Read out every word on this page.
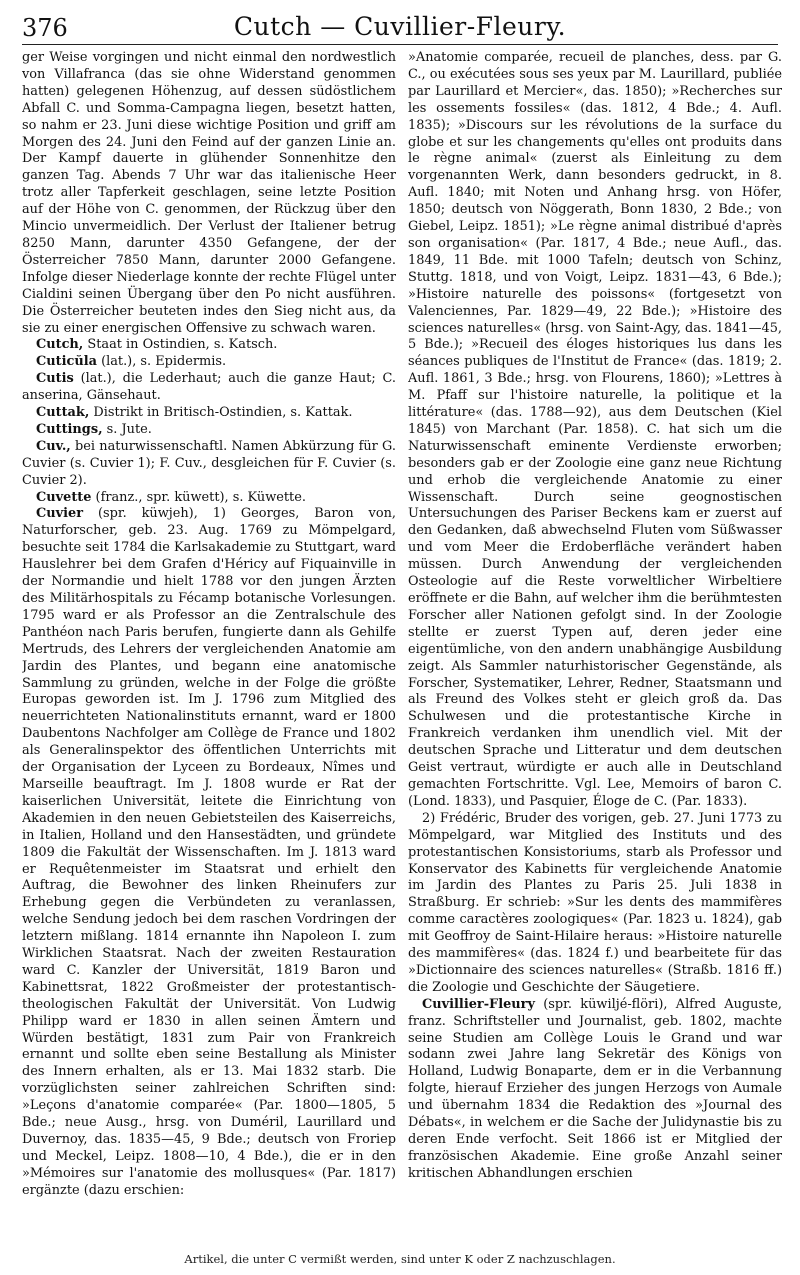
376	Cutch — Cuvillier-Fleury.

ger Weise vorgingen und nicht einmal den nordwestlich von Villafranca (das sie ohne Widerstand genommen hatten) gelegenen Höhenzug, auf dessen südöstlichem Abfall C. und Somma-Campagna liegen, besetzt hatten, so nahm er 23. Juni diese wichtige Position und griff am Morgen des 24. Juni den Feind auf der ganzen Linie an. Der Kampf dauerte in glühender Sonnenhitze den ganzen Tag. Abends 7 Uhr war das italienische Heer trotz aller Tapferkeit geschlagen, seine letzte Position auf der Höhe von C. genommen, der Rückzug über den Mincio unvermeidlich. Der Verlust der Italiener betrug 8250 Mann, darunter 4350 Gefangene, der der Österreicher 7850 Mann, darunter 2000 Gefangene. Infolge dieser Niederlage konnte der rechte Flügel unter Cialdini seinen Übergang über den Po nicht ausführen. Die Österreicher beuteten indes den Sieg nicht aus, da sie zu einer energischen Offensive zu schwach waren.

Cutch, Staat in Ostindien, s. Katsch.

Cuticŭla (lat.), s. Epidermis.

Cutis (lat.), die Lederhaut; auch die ganze Haut; C. anserina, Gänsehaut.

Cuttak, Distrikt in Britisch-Ostindien, s. Kattak.

Cuttings, s. Jute.

Cuv., bei naturwissenschaftl. Namen Abkürzung für G. Cuvier (s. Cuvier 1); F. Cuv., desgleichen für F. Cuvier (s. Cuvier 2).

Cuvette (franz., spr. küwett), s. Küwette.

Cuvier (spr. küwjeh), 1) Georges, Baron von, Naturforscher, geb. 23. Aug. 1769 zu Mömpelgard, besuchte seit 1784 die Karlsakademie zu Stuttgart, ward Hauslehrer bei dem Grafen d'Héricy auf Fiquainville in der Normandie und hielt 1788 vor den jungen Ärzten des Militärhospitals zu Fécamp botanische Vorlesungen. 1795 ward er als Professor an die Zentralschule des Panthéon nach Paris berufen, fungierte dann als Gehilfe Mertruds, des Lehrers der vergleichenden Anatomie am Jardin des Plantes, und begann eine anatomische Sammlung zu gründen, welche in der Folge die größte Europas geworden ist. Im J. 1796 zum Mitglied des neuerrichteten Nationalinstituts ernannt, ward er 1800 Daubentons Nachfolger am Collège de France und 1802 als Generalinspektor des öffentlichen Unterrichts mit der Organisation der Lyceen zu Bordeaux, Nîmes und Marseille beauftragt. Im J. 1808 wurde er Rat der kaiserlichen Universität, leitete die Einrichtung von Akademien in den neuen Gebietsteilen des Kaiserreichs, in Italien, Holland und den Hansestädten, und gründete 1809 die Fakultät der Wissenschaften. Im J. 1813 ward er Requêtenmeister im Staatsrat und erhielt den Auftrag, die Bewohner des linken Rheinufers zur Erhebung gegen die Verbündeten zu veranlassen, welche Sendung jedoch bei dem raschen Vordringen der letztern mißlang. 1814 ernannte ihn Napoleon I. zum Wirklichen Staatsrat. Nach der zweiten Restauration ward C. Kanzler der Universität, 1819 Baron und Kabinettsrat, 1822 Großmeister der protestantisch-theologischen Fakultät der Universität. Von Ludwig Philipp ward er 1830 in allen seinen Ämtern und Würden bestätigt, 1831 zum Pair von Frankreich ernannt und sollte eben seine Bestallung als Minister des Innern erhalten, als er 13. Mai 1832 starb. Die vorzüglichsten seiner zahlreichen Schriften sind: »Leçons d'anatomie comparée« (Par. 1800—1805, 5 Bde.; neue Ausg., hrsg. von Duméril, Laurillard und Duvernoy, das. 1835—45, 9 Bde.; deutsch von Froriep und Meckel, Leipz. 1808—10, 4 Bde.), die er in den »Mémoires sur l'anatomie des mollusques« (Par. 1817) ergänzte (dazu erschien:

»Anatomie comparée, recueil de planches, dess. par G. C., ou exécutées sous ses yeux par M. Laurillard, publiée par Laurillard et Mercier«, das. 1850); »Recherches sur les ossements fossiles« (das. 1812, 4 Bde.; 4. Aufl. 1835); »Discours sur les révolutions de la surface du globe et sur les changements qu'elles ont produits dans le règne animal« (zuerst als Einleitung zu dem vorgenannten Werk, dann besonders gedruckt, in 8. Aufl. 1840; mit Noten und Anhang hrsg. von Höfer, 1850; deutsch von Nöggerath, Bonn 1830, 2 Bde.; von Giebel, Leipz. 1851); »Le règne animal distribué d'après son organisation« (Par. 1817, 4 Bde.; neue Aufl., das. 1849, 11 Bde. mit 1000 Tafeln; deutsch von Schinz, Stuttg. 1818, und von Voigt, Leipz. 1831—43, 6 Bde.); »Histoire naturelle des poissons« (fortgesetzt von Valenciennes, Par. 1829—49, 22 Bde.); »Histoire des sciences naturelles« (hrsg. von Saint-Agy, das. 1841—45, 5 Bde.); »Recueil des éloges historiques lus dans les séances publiques de l'Institut de France« (das. 1819; 2. Aufl. 1861, 3 Bde.; hrsg. von Flourens, 1860); »Lettres à M. Pfaff sur l'histoire naturelle, la politique et la littérature« (das. 1788—92), aus dem Deutschen (Kiel 1845) von Marchant (Par. 1858). C. hat sich um die Naturwissenschaft eminente Verdienste erworben; besonders gab er der Zoologie eine ganz neue Richtung und erhob die vergleichende Anatomie zu einer Wissenschaft. Durch seine geognostischen Untersuchungen des Pariser Beckens kam er zuerst auf den Gedanken, daß abwechselnd Fluten vom Süßwasser und vom Meer die Erdoberfläche verändert haben müssen. Durch Anwendung der vergleichenden Osteologie auf die Reste vorweltlicher Wirbeltiere eröffnete er die Bahn, auf welcher ihm die berühmtesten Forscher aller Nationen gefolgt sind. In der Zoologie stellte er zuerst Typen auf, deren jeder eine eigentümliche, von den andern unabhängige Ausbildung zeigt. Als Sammler naturhistorischer Gegenstände, als Forscher, Systematiker, Lehrer, Redner, Staatsmann und als Freund des Volkes steht er gleich groß da. Das Schulwesen und die protestantische Kirche in Frankreich verdanken ihm unendlich viel. Mit der deutschen Sprache und Litteratur und dem deutschen Geist vertraut, würdigte er auch alle in Deutschland gemachten Fortschritte. Vgl. Lee, Memoirs of baron C. (Lond. 1833), und Pasquier, Éloge de C. (Par. 1833).

2) Frédéric, Bruder des vorigen, geb. 27. Juni 1773 zu Mömpelgard, war Mitglied des Instituts und des protestantischen Konsistoriums, starb als Professor und Konservator des Kabinetts für vergleichende Anatomie im Jardin des Plantes zu Paris 25. Juli 1838 in Straßburg. Er schrieb: »Sur les dents des mammifères comme caractères zoologiques« (Par. 1823 u. 1824), gab mit Geoffroy de Saint-Hilaire heraus: »Histoire naturelle des mammifères« (das. 1824 f.) und bearbeitete für das »Dictionnaire des sciences naturelles« (Straßb. 1816 ff.) die Zoologie und Geschichte der Säugetiere.

Cuvillier-Fleury (spr. küwiljé-flöri), Alfred Auguste, franz. Schriftsteller und Journalist, geb. 1802, machte seine Studien am Collège Louis le Grand und war sodann zwei Jahre lang Sekretär des Königs von Holland, Ludwig Bonaparte, dem er in die Verbannung folgte, hierauf Erzieher des jungen Herzogs von Aumale und übernahm 1834 die Redaktion des »Journal des Débats«, in welchem er die Sache der Julidynastie bis zu deren Ende verfocht. Seit 1866 ist er Mitglied der französischen Akademie. Eine große Anzahl seiner kritischen Abhandlungen erschien

Artikel, die unter C vermißt werden, sind unter K oder Z nachzuschlagen.
